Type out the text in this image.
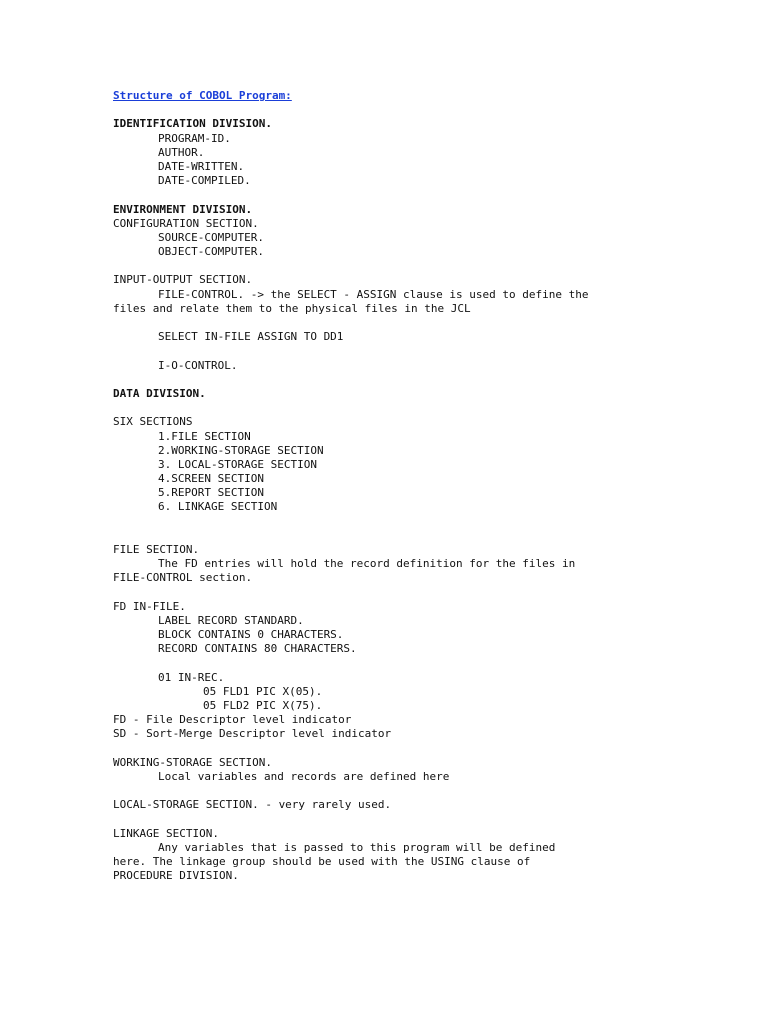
Structure of COBOL Program:
IDENTIFICATION DIVISION.
PROGRAM-ID.
AUTHOR.
DATE-WRITTEN.
DATE-COMPILED.
ENVIRONMENT DIVISION.
CONFIGURATION SECTION.
SOURCE-COMPUTER.
OBJECT-COMPUTER.
INPUT-OUTPUT SECTION.
FILE-CONTROL. -> the SELECT - ASSIGN clause is used to define the
files and relate them to the physical files in the JCL
SELECT IN-FILE ASSIGN TO DD1
I-O-CONTROL.
DATA DIVISION.
SIX SECTIONS
1.FILE SECTION
2.WORKING-STORAGE SECTION
3. LOCAL-STORAGE SECTION
4.SCREEN SECTION
5.REPORT SECTION
6. LINKAGE SECTION
FILE SECTION.
The FD entries will hold the record definition for the files in
FILE-CONTROL section.
FD IN-FILE.
LABEL RECORD STANDARD.
BLOCK CONTAINS 0 CHARACTERS.
RECORD CONTAINS 80 CHARACTERS.
01 IN-REC.
05 FLD1 PIC X(05).
05 FLD2 PIC X(75).
FD - File Descriptor level indicator
SD - Sort-Merge Descriptor level indicator
WORKING-STORAGE SECTION.
Local variables and records are defined here
LOCAL-STORAGE SECTION. - very rarely used.
LINKAGE SECTION.
Any variables that is passed to this program will be defined
here. The linkage group should be used with the USING clause of
PROCEDURE DIVISION.
